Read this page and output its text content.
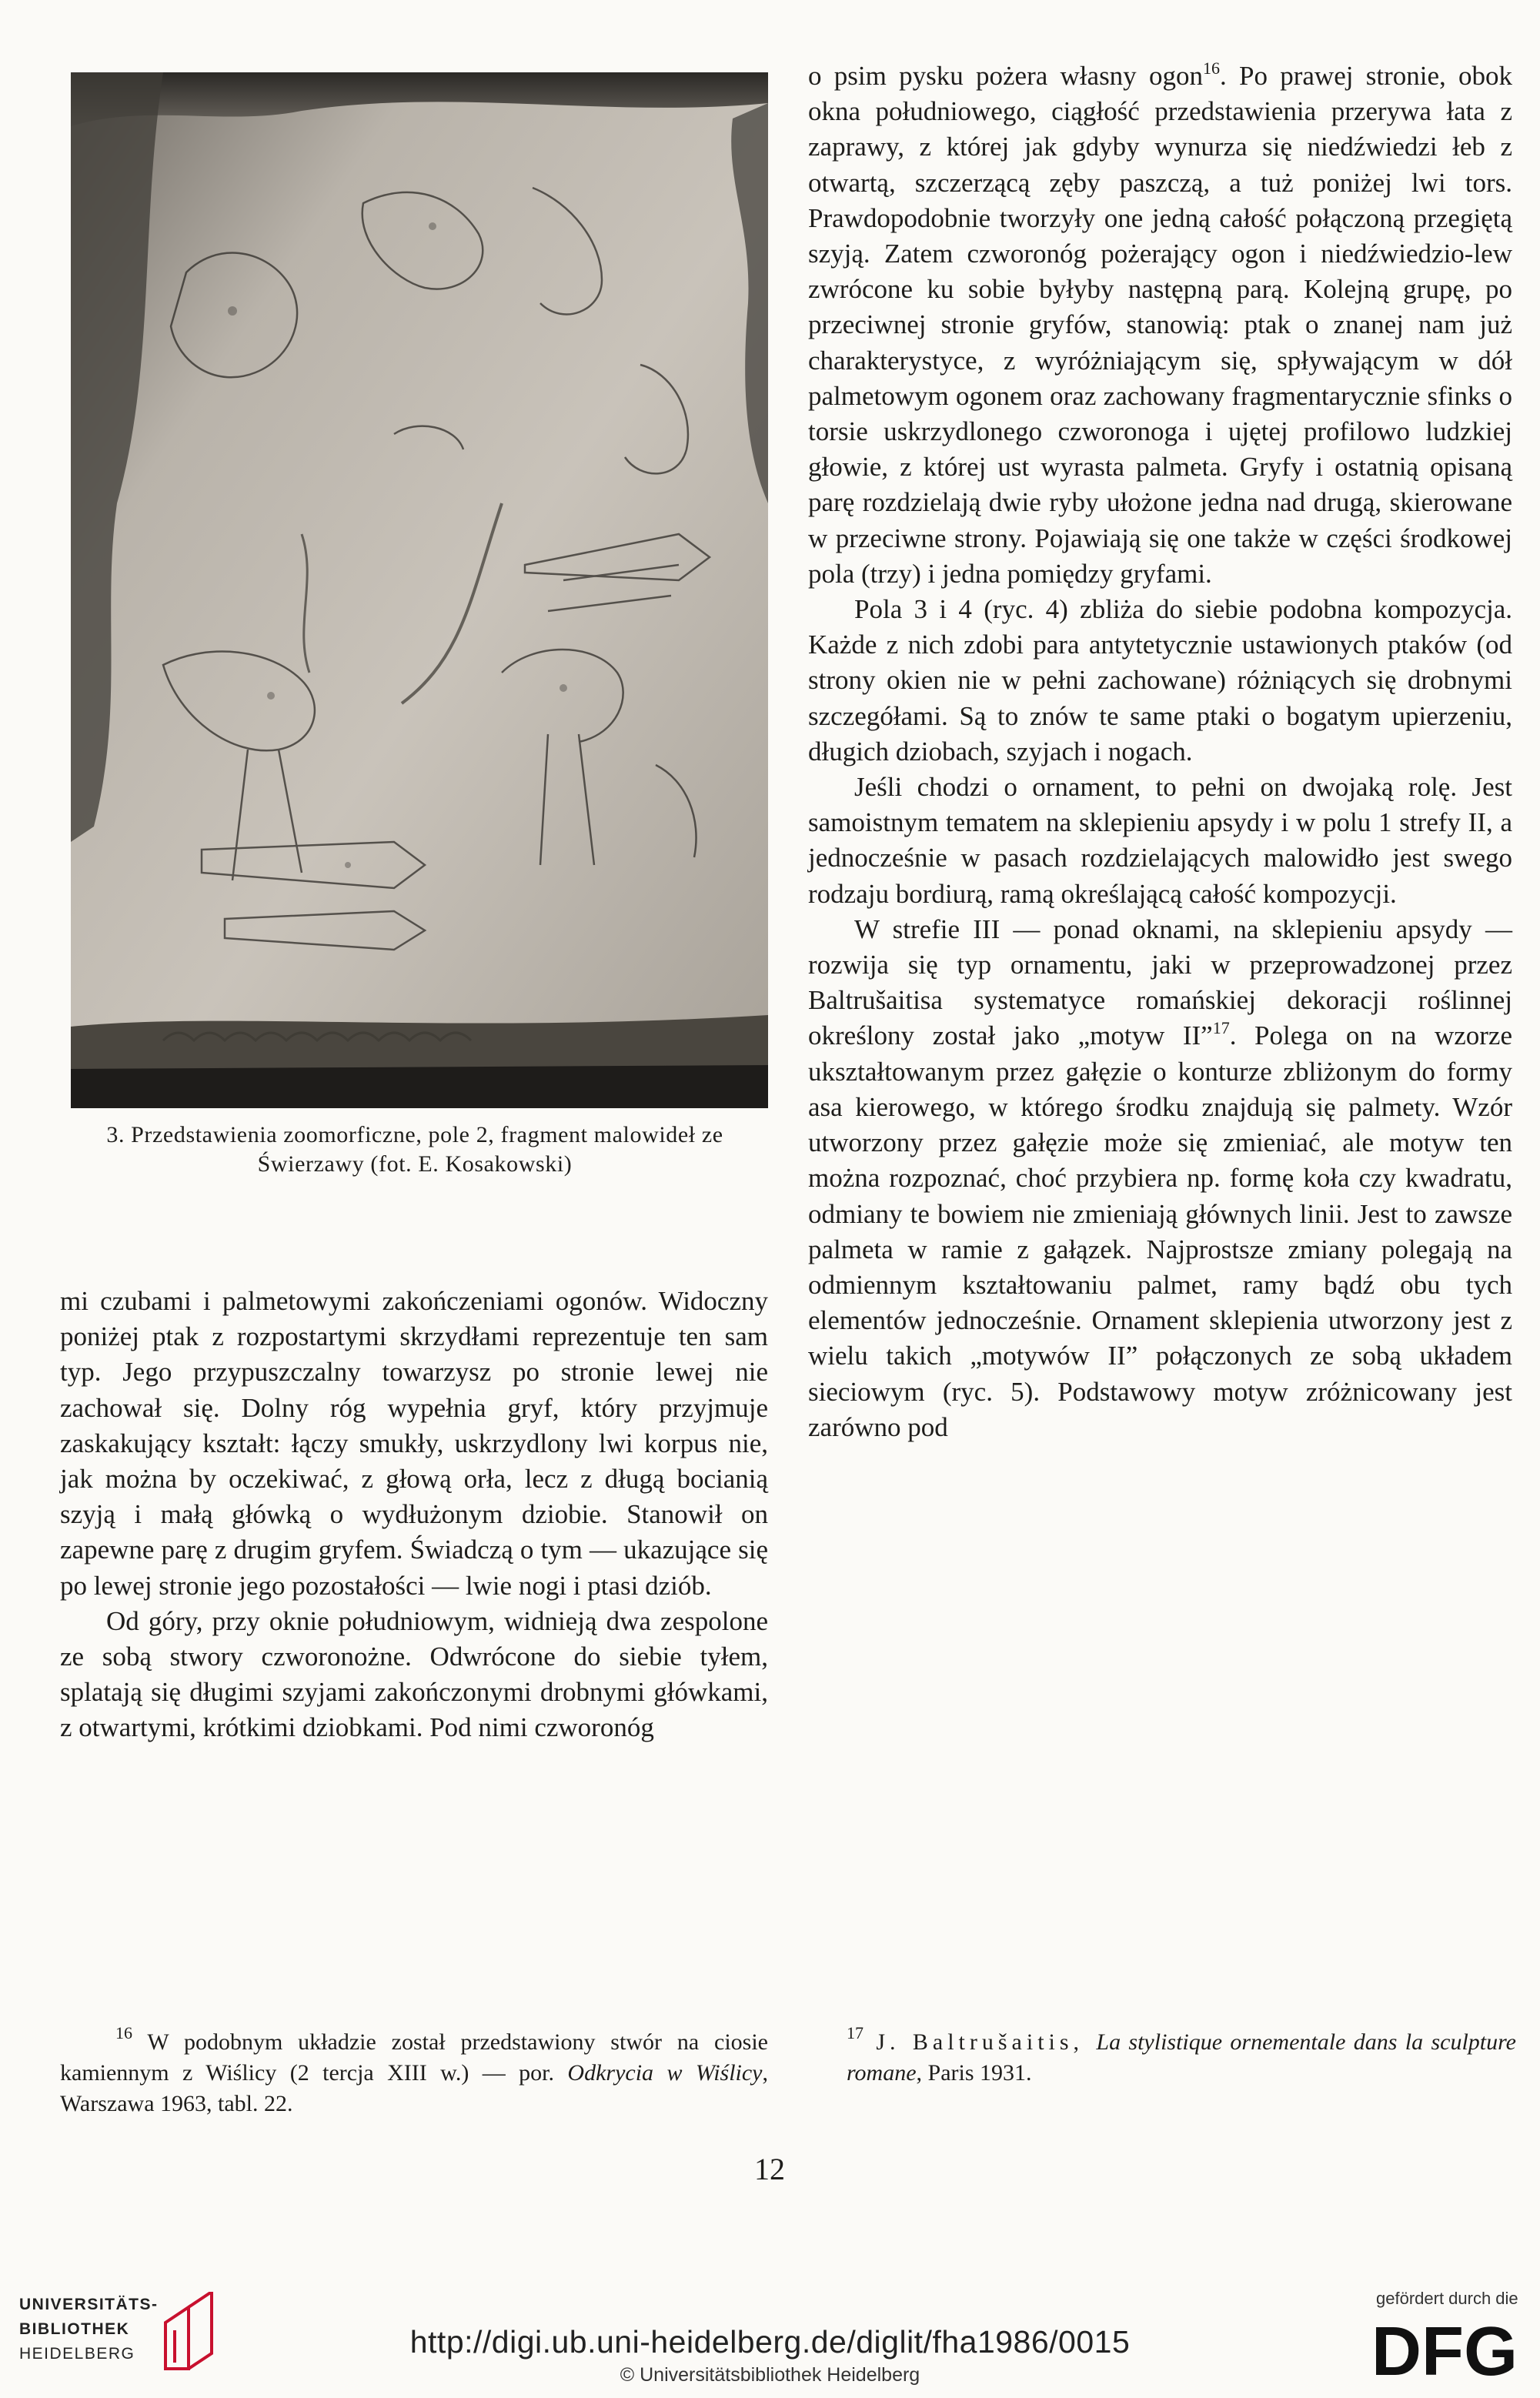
3. Przedstawienia zoomorficzne, pole 2, fragment malowideł ze Świerzawy (fot. E. Kosakowski)

mi czubami i palmetowymi zakończeniami ogonów. Widoczny poniżej ptak z rozpostartymi skrzydłami reprezentuje ten sam typ. Jego przypuszczalny towarzysz po stronie lewej nie zachował się. Dolny róg wypełnia gryf, który przyjmuje zaskakujący kształt: łączy smukły, uskrzydlony lwi korpus nie, jak można by oczekiwać, z głową orła, lecz z długą bocianią szyją i małą główką o wydłużonym dziobie. Stanowił on zapewne parę z drugim gryfem. Świadczą o tym — ukazujące się po lewej stronie jego pozostałości — lwie nogi i ptasi dziób.

Od góry, przy oknie południowym, widnieją dwa zespolone ze sobą stwory czworonożne. Odwrócone do siebie tyłem, splatają się długimi szyjami zakończonymi drobnymi główkami, z otwartymi, krótkimi dziobkami. Pod nimi czworonóg

o psim pysku pożera własny ogon$^{16}$. Po prawej stronie, obok okna południowego, ciągłość przedstawienia przerywa łata z zaprawy, z której jak gdyby wynurza się niedźwiedzi łeb z otwartą, szczerzącą zęby paszczą, a tuż poniżej lwi tors. Prawdopodobnie tworzyły one jedną całość połączoną przegiętą szyją. Zatem czworonóg pożerający ogon i niedźwiedzio-lew zwrócone ku sobie byłyby następną parą. Kolejną grupę, po przeciwnej stronie gryfów, stanowią: ptak o znanej nam już charakterystyce, z wyróżniającym się, spływającym w dół palmetowym ogonem oraz zachowany fragmentarycznie sfinks o torsie uskrzydlonego czworonoga i ujętej profilowo ludzkiej głowie, z której ust wyrasta palmeta. Gryfy i ostatnią opisaną parę rozdzielają dwie ryby ułożone jedna nad drugą, skierowane w przeciwne strony. Pojawiają się one także w części środkowej pola (trzy) i jedna pomiędzy gryfami.

Pola 3 i 4 (ryc. 4) zbliża do siebie podobna kompozycja. Każde z nich zdobi para antytetycznie ustawionych ptaków (od strony okien nie w pełni zachowane) różniących się drobnymi szczegółami. Są to znów te same ptaki o bogatym upierzeniu, długich dziobach, szyjach i nogach.

Jeśli chodzi o ornament, to pełni on dwojaką rolę. Jest samoistnym tematem na sklepieniu apsydy i w polu 1 strefy II, a jednocześnie w pasach rozdzielających malowidło jest swego rodzaju bordiurą, ramą określającą całość kompozycji.

W strefie III — ponad oknami, na sklepieniu apsydy — rozwija się typ ornamentu, jaki w przeprowadzonej przez Baltrušaitisa systematyce romańskiej dekoracji roślinnej określony został jako „motyw II”$^{17}$. Polega on na wzorze ukształtowanym przez gałęzie o konturze zbliżonym do formy asa kierowego, w którego środku znajdują się palmety. Wzór utworzony przez gałęzie może się zmieniać, ale motyw ten można rozpoznać, choć przybiera np. formę koła czy kwadratu, odmiany te bowiem nie zmieniają głównych linii. Jest to zawsze palmeta w ramie z gałązek. Najprostsze zmiany polegają na odmiennym kształtowaniu palmet, ramy bądź obu tych elementów jednocześnie. Ornament sklepienia utworzony jest z wielu takich „motywów II” połączonych ze sobą układem sieciowym (ryc. 5). Podstawowy motyw zróżnicowany jest zarówno pod

$^{16}$ W podobnym układzie został przedstawiony stwór na ciosie kamiennym z Wiślicy (2 tercja XIII w.) — por. Odkrycia w Wiślicy, Warszawa 1963, tabl. 22.

$^{17}$ J. Baltrušaitis, La stylistique ornementale dans la sculpture romane, Paris 1931.

12
UNIVERSITÄTS-
BIBLIOTHEK
HEIDELBERG	http://digi.ub.uni-heidelberg.de/diglit/fha1986/0015
© Universitätsbibliothek Heidelberg
gefördert durch die
DFG
